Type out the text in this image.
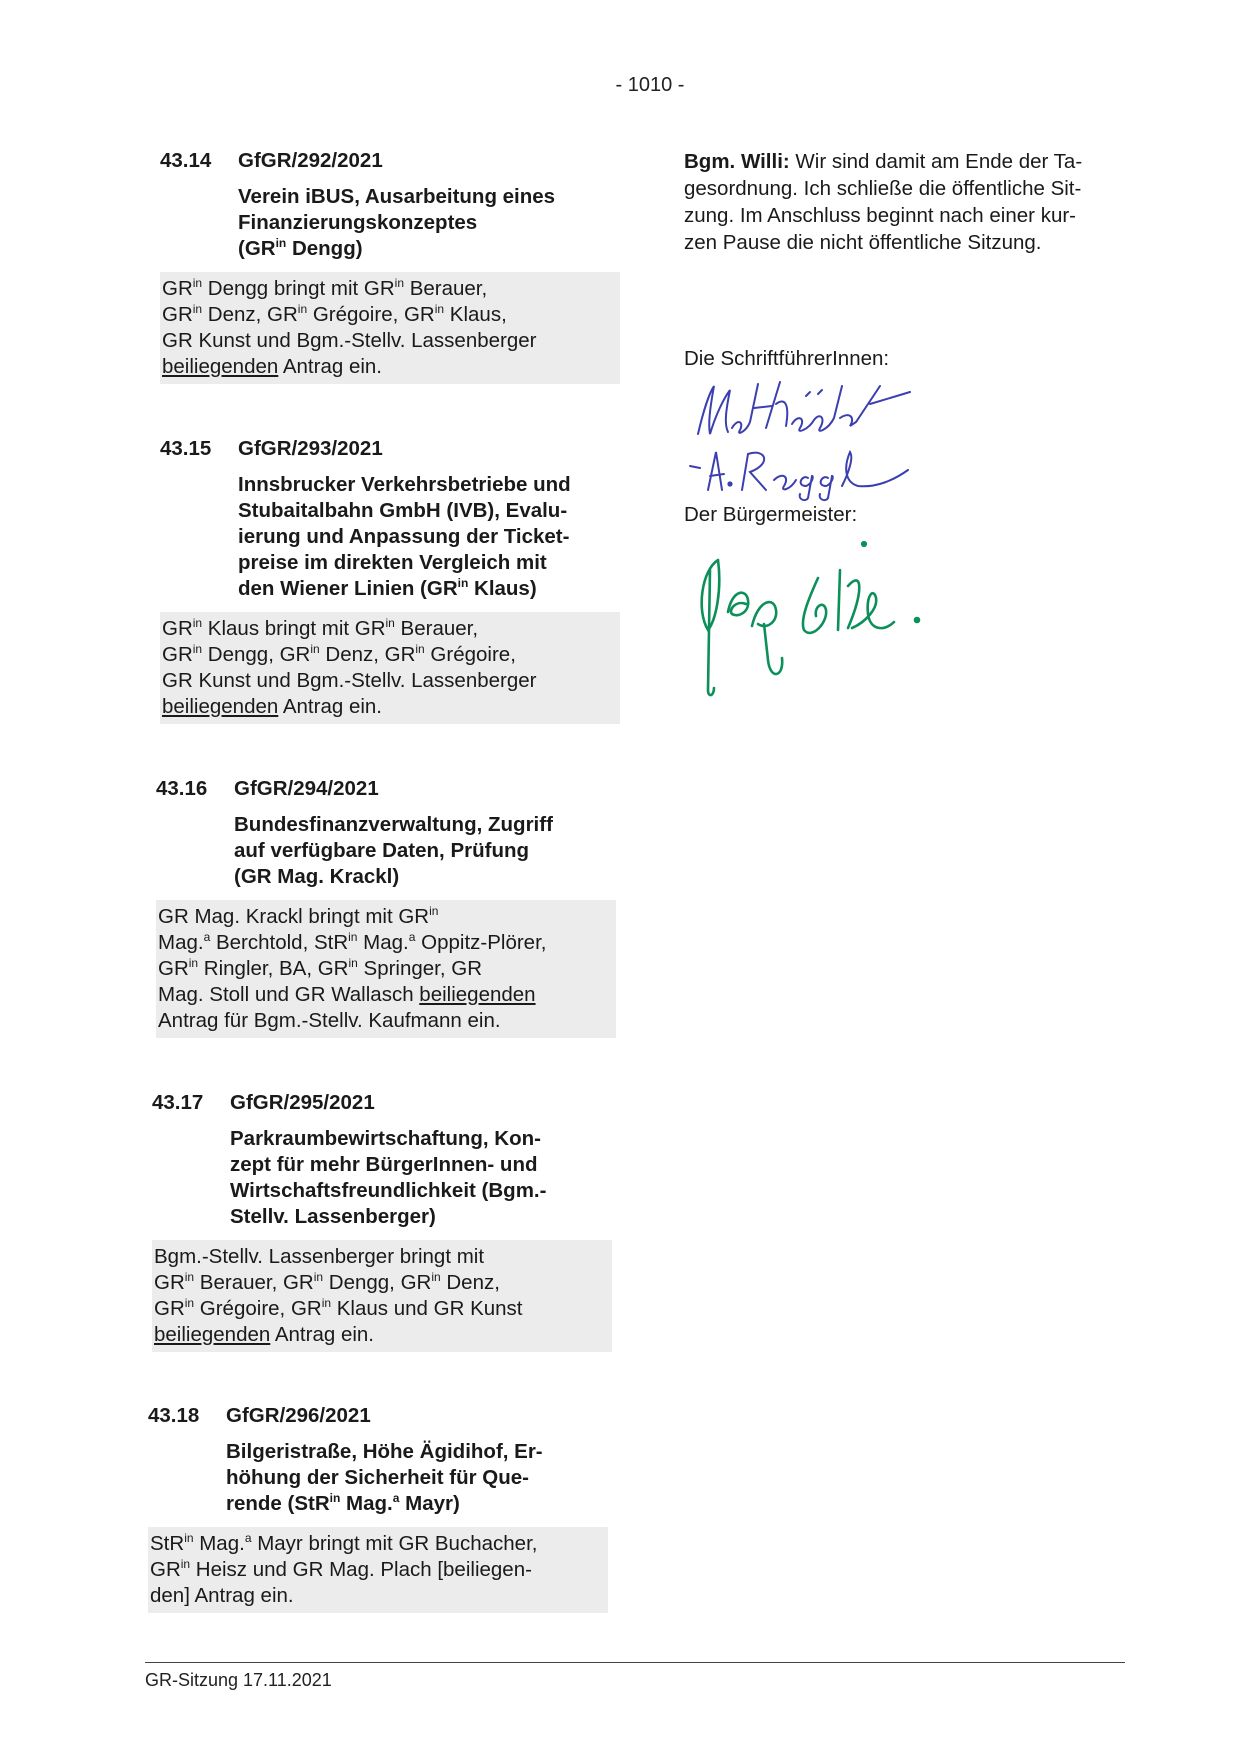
- 1010 -
43.14 GfGR/292/2021
Verein iBUS, Ausarbeitung eines
Finanzierungskonzeptes
($GR^{in}$ Dengg)
$GR^{in}$ Dengg bringt mit $GR^{in}$ Berauer,
$GR^{in}$ Denz, $GR^{in}$ Grégoire, $GR^{in}$ Klaus,
GR Kunst und Bgm.-Stellv. Lassenberger
beiliegenden Antrag ein.
43.15 GfGR/293/2021
Innsbrucker Verkehrsbetriebe und
Stubaitalbahn GmbH (IVB), Evalu-
ierung und Anpassung der Ticket-
preise im direkten Vergleich mit
den Wiener Linien ($GR^{in}$ Klaus)
$GR^{in}$ Klaus bringt mit $GR^{in}$ Berauer,
$GR^{in}$ Dengg, $GR^{in}$ Denz, $GR^{in}$ Grégoire,
GR Kunst und Bgm.-Stellv. Lassenberger
beiliegenden Antrag ein.
43.16 GfGR/294/2021
Bundesfinanzverwaltung, Zugriff
auf verfügbare Daten, Prüfung
(GR Mag. Krackl)
GR Mag. Krackl bringt mit $GR^{in}$
Mag.$^a$ Berchtold, StR$^{in}$ Mag.$^a$ Oppitz-Plörer,
$GR^{in}$ Ringler, BA, $GR^{in}$ Springer, GR
Mag. Stoll und GR Wallasch beiliegenden
Antrag für Bgm.-Stellv. Kaufmann ein.
43.17 GfGR/295/2021
Parkraumbewirtschaftung, Kon-
zept für mehr BürgerInnen- und
Wirtschaftsfreundlichkeit (Bgm.-
Stellv. Lassenberger)
Bgm.-Stellv. Lassenberger bringt mit
$GR^{in}$ Berauer, $GR^{in}$ Dengg, $GR^{in}$ Denz,
$GR^{in}$ Grégoire, $GR^{in}$ Klaus und GR Kunst
beiliegenden Antrag ein.
43.18 GfGR/296/2021
Bilgeristraße, Höhe Ägidihof, Er-
höhung der Sicherheit für Que-
rende (StR$^{in}$ Mag.$^a$ Mayr)
StR$^{in}$ Mag.$^a$ Mayr bringt mit GR Buchacher,
$GR^{in}$ Heisz und GR Mag. Plach [beiliegen-
den] Antrag ein.
Bgm. Willi: Wir sind damit am Ende der Ta-
gesordnung. Ich schließe die öffentliche Sit-
zung. Im Anschluss beginnt nach einer kur-
zen Pause die nicht öffentliche Sitzung.
Die SchriftführerInnen:
Der Bürgermeister:
GR-Sitzung 17.11.2021
